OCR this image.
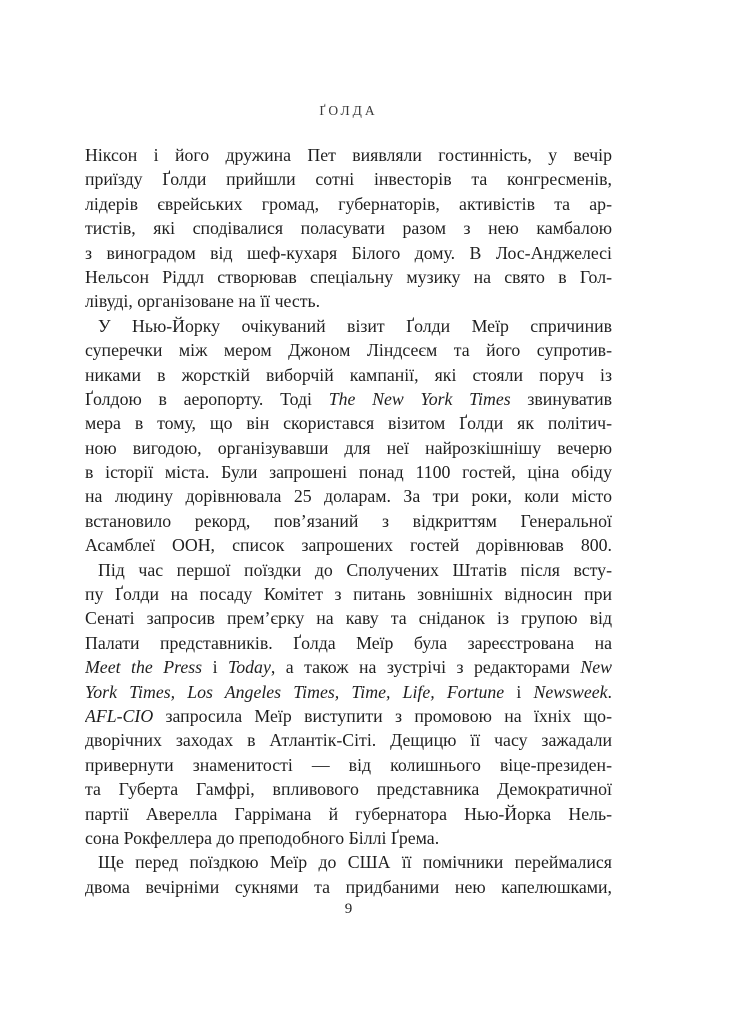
ҐОЛДА
Ніксон і його дружина Пет виявляли гостинність, у вечір
приїзду Ґолди прийшли сотні інвесторів та конгресменів,
лідерів єврейських громад, губернаторів, активістів та ар-
тистів, які сподівалися поласувати разом з нею камбалою
з виноградом від шеф-кухаря Білого дому. В Лос-Анджелесі
Нельсон Ріддл створював спеціальну музику на свято в Гол-
лівуді, організоване на її честь.
У Нью-Йорку очікуваний візит Ґолди Меїр спричинив
суперечки між мером Джоном Ліндсеєм та його супротив-
никами в жорсткій виборчій кампанії, які стояли поруч із
Ґолдою в аеропорту. Тоді The New York Times звинуватив
мера в тому, що він скористався візитом Ґолди як політич-
ною вигодою, організувавши для неї найрозкішнішу вечерю
в історії міста. Були запрошені понад 1100 гостей, ціна обіду
на людину дорівнювала 25 доларам. За три роки, коли місто
встановило рекорд, пов’язаний з відкриттям Генеральної
Асамблеї ООН, список запрошених гостей дорівнював 800.
Під час першої поїздки до Сполучених Штатів після всту-
пу Ґолди на посаду Комітет з питань зовнішніх відносин при
Сенаті запросив прем’єрку на каву та сніданок із групою від
Палати представників. Ґолда Меїр була зареєстрована на
Meet the Press і Today, а також на зустрічі з редакторами New
York Times, Los Angeles Times, Time, Life, Fortune і Newsweek.
AFL-CIO запросила Меїр виступити з промовою на їхніх що-
дворічних заходах в Атлантік-Сіті. Дещицю її часу зажадали
привернути знаменитості — від колишнього віце-президен-
та Губерта Гамфрі, впливового представника Демократичної
партії Аверелла Гаррімана й губернатора Нью-Йорка Нель-
сона Рокфеллера до преподобного Біллі Ґрема.
Ще перед поїздкою Меїр до США її помічники переймалися
двома вечірніми сукнями та придбаними нею капелюшками,
9
